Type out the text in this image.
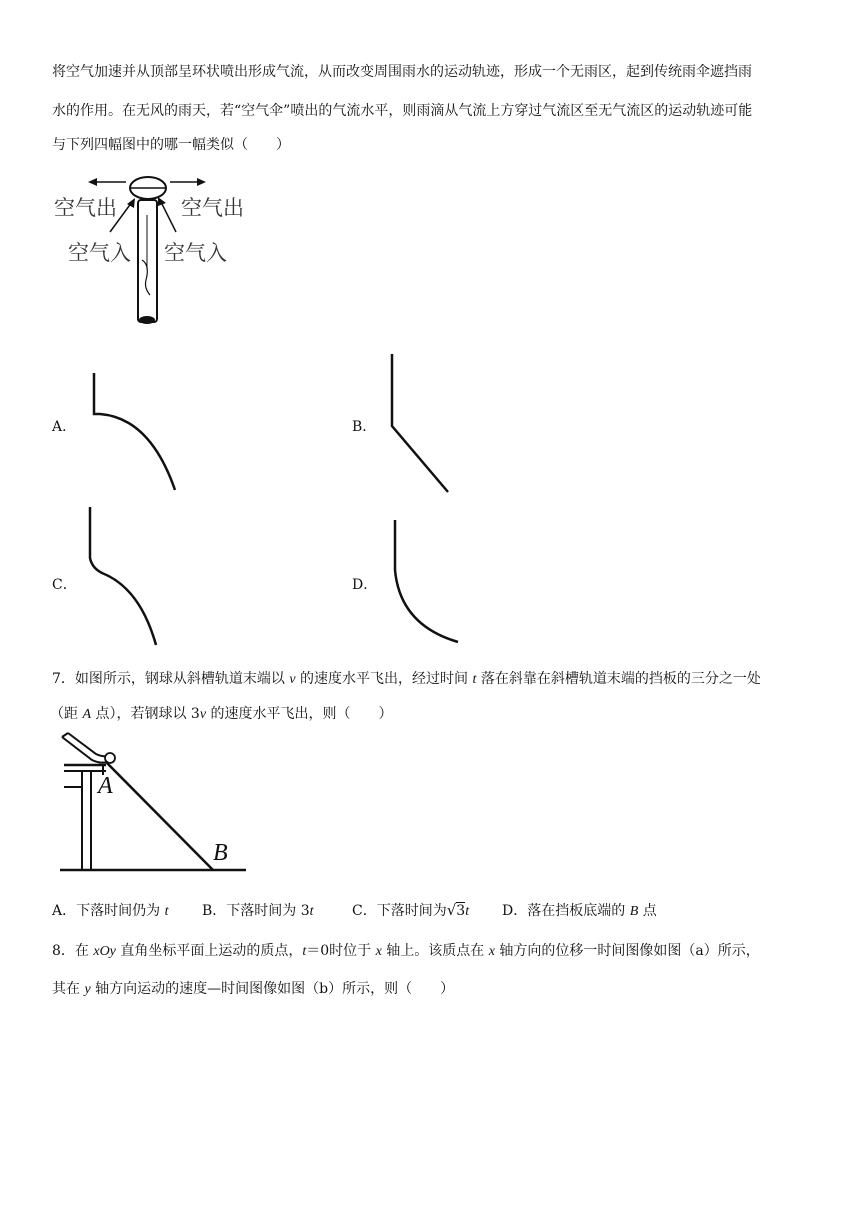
将空气加速并从顶部呈环状喷出形成气流，从而改变周围雨水的运动轨迹，形成一个无雨区，起到传统雨伞遮挡雨
水的作用。在无风的雨天，若“空气伞”喷出的气流水平，则雨滴从气流上方穿过气流区至无气流区的运动轨迹可能
与下列四幅图中的哪一幅类似（　　）
空气出	空气出
空气入 空气入
A．	B．
C．	D．
7．如图所示，钢球从斜槽轨道末端以 v 的速度水平飞出，经过时间 t 落在斜靠在斜槽轨道末端的挡板的三分之一处
（距 A 点），若钢球以 3v 的速度水平飞出，则（　　）
A
B
A．下落时间仍为 t B．下落时间为 3t	C．下落时间为√3t D．落在挡板底端的 B 点
8．在 xOy 直角坐标平面上运动的质点，t＝0时位于 x 轴上。该质点在 x 轴方向的位移一时间图像如图（a）所示，
其在 y 轴方向运动的速度—时间图像如图（b）所示，则（　　）
